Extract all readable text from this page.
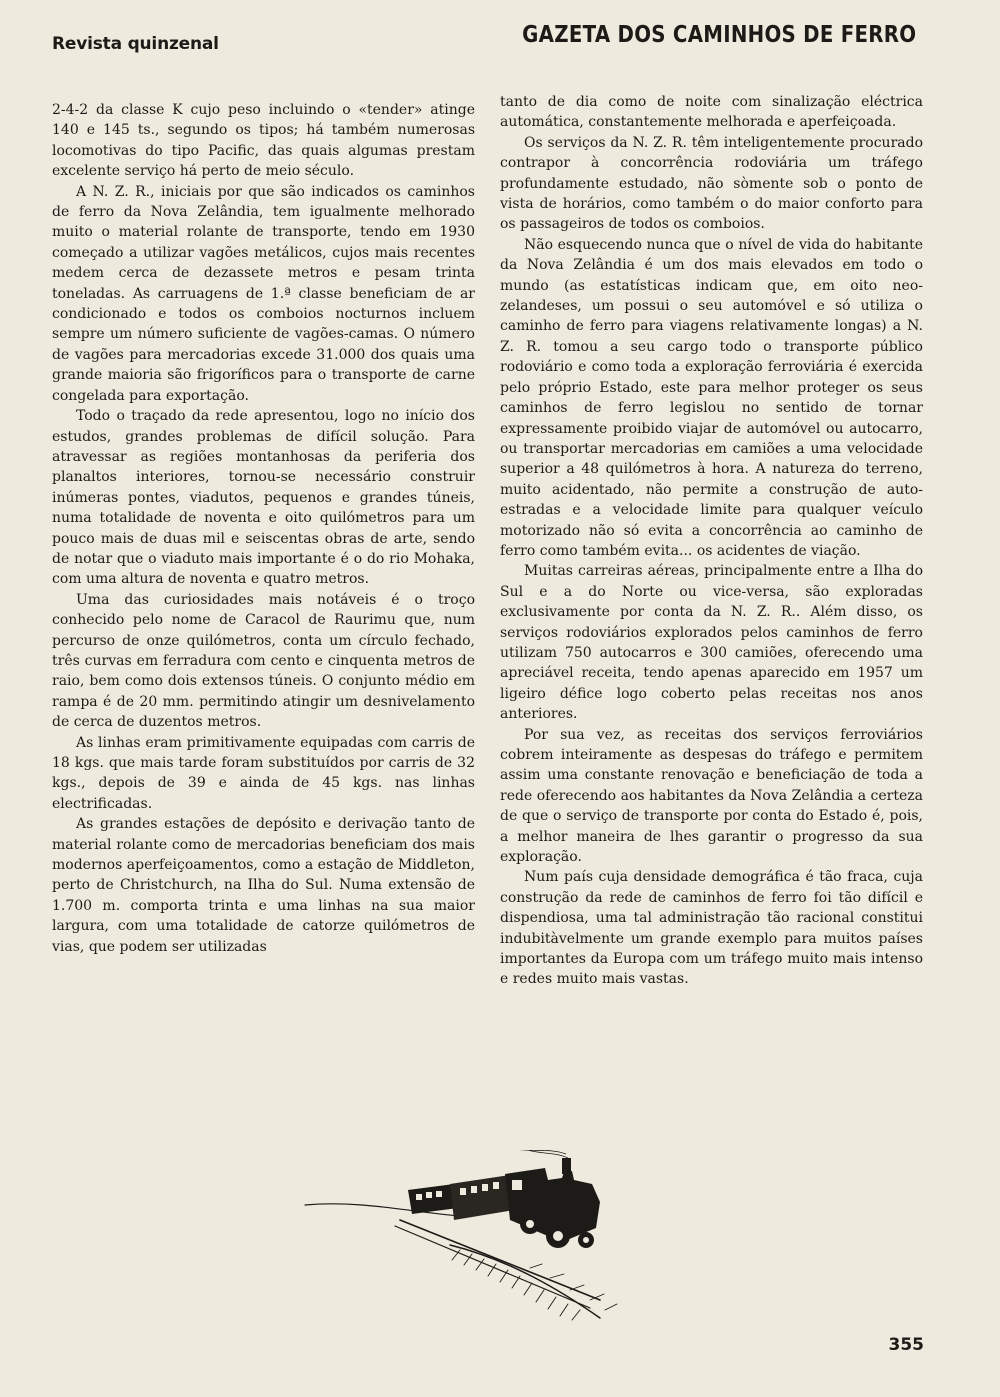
Revista quinzenal	GAZETA DOS CAMINHOS DE FERRO

2-4-2 da classe K cujo peso incluindo o «tender» atinge 140 e 145 ts., segundo os tipos; há também numerosas locomotivas do tipo Pacific, das quais algumas prestam excelente serviço há perto de meio século.

A N. Z. R., iniciais por que são indicados os caminhos de ferro da Nova Zelândia, tem igualmente melhorado muito o material rolante de transporte, tendo em 1930 começado a utilizar vagões metálicos, cujos mais recentes medem cerca de dezassete metros e pesam trinta toneladas. As carruagens de 1.ª classe beneficiam de ar condicionado e todos os comboios nocturnos incluem sempre um número suficiente de vagões-camas. O número de vagões para mercadorias excede 31.000 dos quais uma grande maioria são frigoríficos para o transporte de carne congelada para exportação.

Todo o traçado da rede apresentou, logo no início dos estudos, grandes problemas de difícil solução. Para atravessar as regiões montanhosas da periferia dos planaltos interiores, tornou-se necessário construir inúmeras pontes, viadutos, pequenos e grandes túneis, numa totalidade de noventa e oito quilómetros para um pouco mais de duas mil e seiscentas obras de arte, sendo de notar que o viaduto mais importante é o do rio Mohaka, com uma altura de noventa e quatro metros.

Uma das curiosidades mais notáveis é o troço conhecido pelo nome de Caracol de Raurimu que, num percurso de onze quilómetros, conta um círculo fechado, três curvas em ferradura com cento e cinquenta metros de raio, bem como dois extensos túneis. O conjunto médio em rampa é de 20 mm. permitindo atingir um desnivelamento de cerca de duzentos metros.

As linhas eram primitivamente equipadas com carris de 18 kgs. que mais tarde foram substituídos por carris de 32 kgs., depois de 39 e ainda de 45 kgs. nas linhas electrificadas.

As grandes estações de depósito e derivação tanto de material rolante como de mercadorias beneficiam dos mais modernos aperfeiçoamentos, como a estação de Middleton, perto de Christchurch, na Ilha do Sul. Numa extensão de 1.700 m. comporta trinta e uma linhas na sua maior largura, com uma totalidade de catorze quilómetros de vias, que podem ser utilizadas

tanto de dia como de noite com sinalização eléctrica automática, constantemente melhorada e aperfeiçoada.

Os serviços da N. Z. R. têm inteligentemente procurado contrapor à concorrência rodoviária um tráfego profundamente estudado, não sòmente sob o ponto de vista de horários, como também o do maior conforto para os passageiros de todos os comboios.

Não esquecendo nunca que o nível de vida do habitante da Nova Zelândia é um dos mais elevados em todo o mundo (as estatísticas indicam que, em oito neo-zelandeses, um possui o seu automóvel e só utiliza o caminho de ferro para viagens relativamente longas) a N. Z. R. tomou a seu cargo todo o transporte público rodoviário e como toda a exploração ferroviária é exercida pelo próprio Estado, este para melhor proteger os seus caminhos de ferro legislou no sentido de tornar expressamente proibido viajar de automóvel ou autocarro, ou transportar mercadorias em camiões a uma velocidade superior a 48 quilómetros à hora. A natureza do terreno, muito acidentado, não permite a construção de auto-estradas e a velocidade limite para qualquer veículo motorizado não só evita a concorrência ao caminho de ferro como também evita... os acidentes de viação.

Muitas carreiras aéreas, principalmente entre a Ilha do Sul e a do Norte ou vice-versa, são exploradas exclusivamente por conta da N. Z. R.. Além disso, os serviços rodoviários explorados pelos caminhos de ferro utilizam 750 autocarros e 300 camiões, oferecendo uma apreciável receita, tendo apenas aparecido em 1957 um ligeiro défice logo coberto pelas receitas nos anos anteriores.

Por sua vez, as receitas dos serviços ferroviários cobrem inteiramente as despesas do tráfego e permitem assim uma constante renovação e beneficiação de toda a rede oferecendo aos habitantes da Nova Zelândia a certeza de que o serviço de transporte por conta do Estado é, pois, a melhor maneira de lhes garantir o progresso da sua exploração.

Num país cuja densidade demográfica é tão fraca, cuja construção da rede de caminhos de ferro foi tão difícil e dispendiosa, uma tal administração tão racional constitui indubitàvelmente um grande exemplo para muitos países importantes da Europa com um tráfego muito mais intenso e redes muito mais vastas.

355
